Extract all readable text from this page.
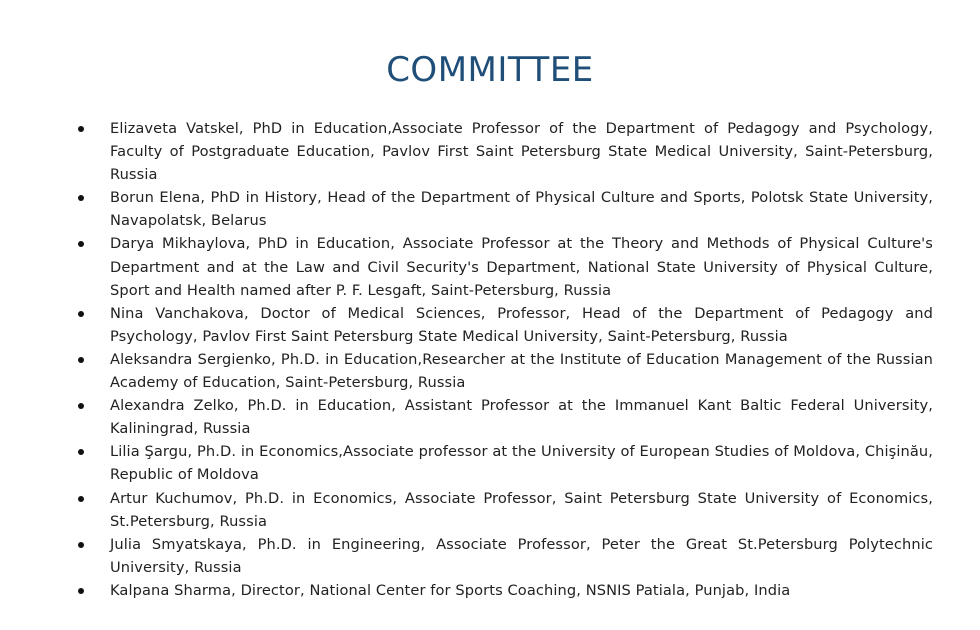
COMMITTEE
Elizaveta Vatskel, PhD in Education,Associate Professor of the Department of Pedagogy and Psychology, Faculty of Postgraduate Education, Pavlov First Saint Petersburg State Medical University, Saint-Petersburg, Russia
Borun Elena, PhD in History, Head of the Department of Physical Culture and Sports, Polotsk State University, Navapolatsk, Belarus
Darya Mikhaylova, PhD in Education, Associate Professor at the Theory and Methods of Physical Culture's Department and at the Law and Civil Security's Department, National State University of Physical Culture, Sport and Health named after P. F. Lesgaft, Saint-Petersburg, Russia
Nina Vanchakova, Doctor of Medical Sciences, Professor, Head of the Department of Pedagogy and Psychology, Pavlov First Saint Petersburg State Medical University, Saint-Petersburg, Russia
Aleksandra Sergienko, Ph.D. in Education,Researcher at the Institute of Education Management of the Russian Academy of Education, Saint-Petersburg, Russia
Alexandra Zelko, Ph.D. in Education, Assistant Professor at the Immanuel Kant Baltic Federal University, Kaliningrad, Russia
Lilia Şargu, Ph.D. in Economics,Associate professor at the University of European Studies of Moldova, Chişinău, Republic of Moldova
Artur Kuchumov, Ph.D. in Economics, Associate Professor, Saint Petersburg State University of Economics, St.Petersburg, Russia
Julia Smyatskaya, Ph.D. in Engineering, Associate Professor, Peter the Great St.Petersburg Polytechnic University, Russia
Kalpana Sharma, Director, National Center for Sports Coaching, NSNIS Patiala, Punjab, India
